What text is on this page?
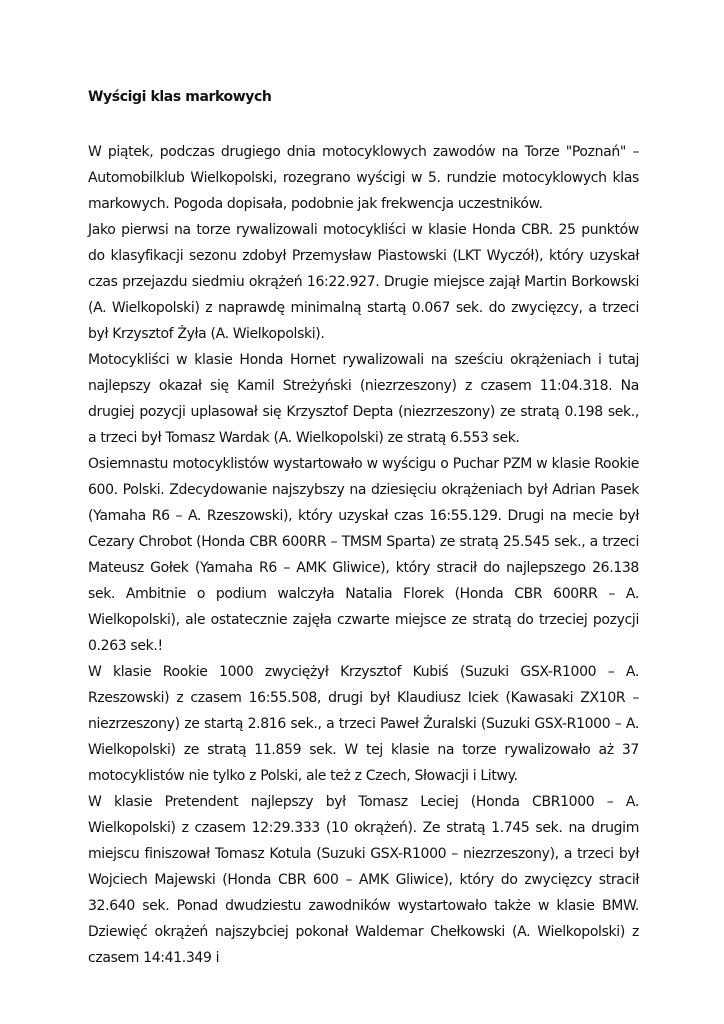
Wyścigi klas markowych

W piątek, podczas drugiego dnia motocyklowych zawodów na Torze "Poznań" – Automobilklub Wielkopolski, rozegrano wyścigi w 5. rundzie motocyklowych klas markowych. Pogoda dopisała, podobnie jak frekwencja uczestników.

Jako pierwsi na torze rywalizowali motocykliści w klasie Honda CBR. 25 punktów do klasyfikacji sezonu zdobył Przemysław Piastowski (LKT Wyczół), który uzyskał czas przejazdu siedmiu okrążeń 16:22.927. Drugie miejsce zajął Martin Borkowski (A. Wielkopolski) z naprawdę minimalną startą 0.067 sek. do zwycięzcy, a trzeci był Krzysztof Żyła (A. Wielkopolski).

Motocykliści w klasie Honda Hornet rywalizowali na sześciu okrążeniach i tutaj najlepszy okazał się Kamil Streżyński (niezrzeszony) z czasem 11:04.318. Na drugiej pozycji uplasował się Krzysztof Depta (niezrzeszony) ze stratą 0.198 sek., a trzeci był Tomasz Wardak (A. Wielkopolski) ze stratą 6.553 sek.

Osiemnastu motocyklistów wystartowało w wyścigu o Puchar PZM w klasie Rookie 600. Polski. Zdecydowanie najszybszy na dziesięciu okrążeniach był Adrian Pasek (Yamaha R6 – A. Rzeszowski), który uzyskał czas 16:55.129. Drugi na mecie był Cezary Chrobot (Honda CBR 600RR – TMSM Sparta) ze stratą 25.545 sek., a trzeci Mateusz Gołek (Yamaha R6 – AMK Gliwice), który stracił do najlepszego 26.138 sek. Ambitnie o podium walczyła Natalia Florek (Honda CBR 600RR – A. Wielkopolski), ale ostatecznie zajęła czwarte miejsce ze stratą do trzeciej pozycji 0.263 sek.!

W klasie Rookie 1000 zwyciężył Krzysztof Kubiś (Suzuki GSX-R1000 – A. Rzeszowski) z czasem 16:55.508, drugi był Klaudiusz Iciek (Kawasaki ZX10R – niezrzeszony) ze startą 2.816 sek., a trzeci Paweł Żuralski (Suzuki GSX-R1000 – A. Wielkopolski) ze stratą 11.859 sek. W tej klasie na torze rywalizowało aż 37 motocyklistów nie tylko z Polski, ale też z Czech, Słowacji i Litwy.

W klasie Pretendent najlepszy był Tomasz Leciej (Honda CBR1000 – A. Wielkopolski) z czasem 12:29.333 (10 okrążeń). Ze stratą 1.745 sek. na drugim miejscu finiszował Tomasz Kotula (Suzuki GSX-R1000 – niezrzeszony), a trzeci był Wojciech Majewski (Honda CBR 600 – AMK Gliwice), który do zwycięzcy stracił 32.640 sek. Ponad dwudziestu zawodników wystartowało także w klasie BMW. Dziewięć okrążeń najszybciej pokonał Waldemar Chełkowski (A. Wielkopolski) z czasem 14:41.349 i
